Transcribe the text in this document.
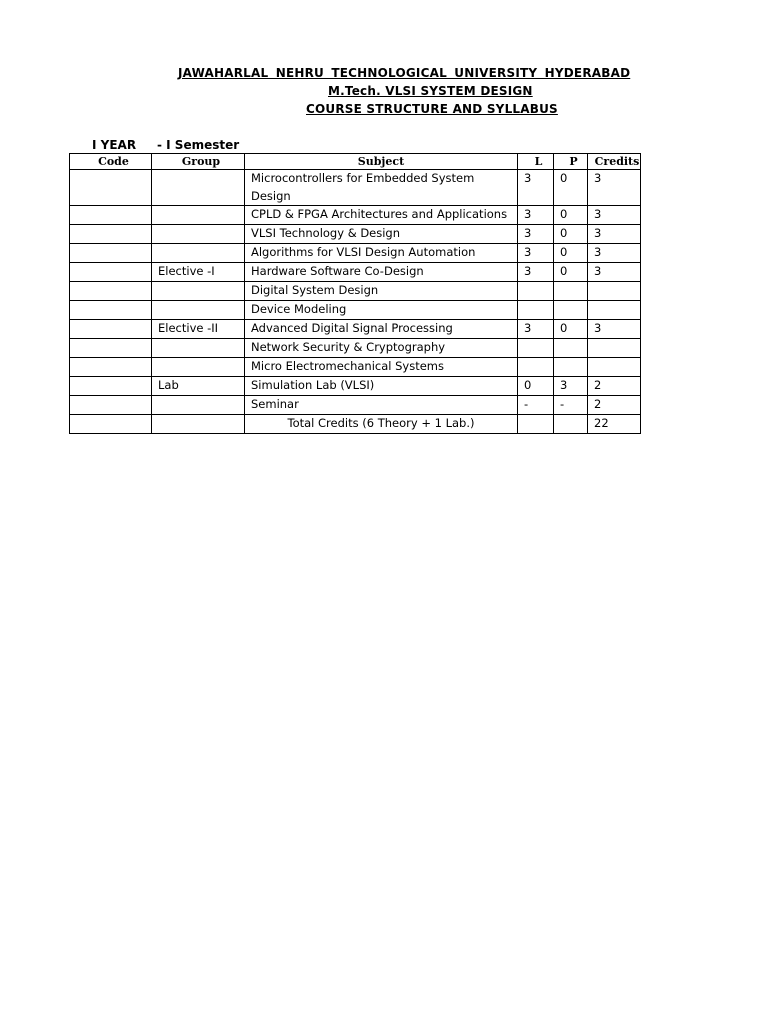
JAWAHARLAL NEHRU TECHNOLOGICAL UNIVERSITY HYDERABAD
M.Tech. VLSI SYSTEM DESIGN
COURSE STRUCTURE AND SYLLABUS
I YEAR - I Semester
Code	Group	Subject	L	P	Credits
		Microcontrollers for Embedded System Design	3	0	3
		CPLD & FPGA Architectures and Applications	3	0	3
		VLSI Technology & Design	3	0	3
		Algorithms for VLSI Design Automation	3	0	3
	Elective -I	Hardware Software Co-Design	3	0	3
		Digital System Design			
		Device Modeling			
	Elective -II	Advanced Digital Signal Processing	3	0	3
		Network Security & Cryptography			
		Micro Electromechanical Systems			
	Lab	Simulation Lab (VLSI)	0	3	2
		Seminar	-	-	2
		Total Credits (6 Theory + 1 Lab.)			22
